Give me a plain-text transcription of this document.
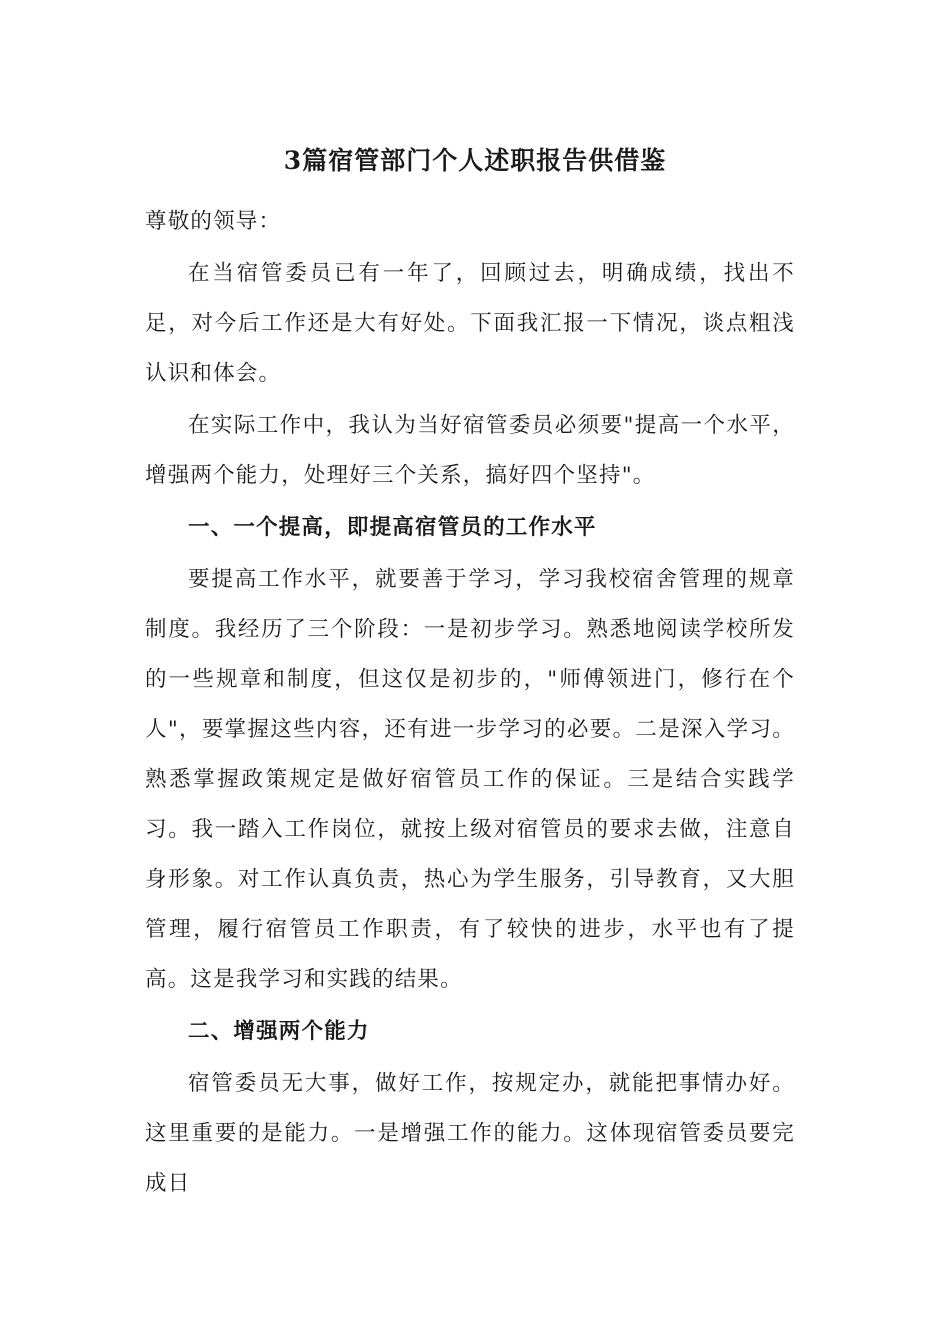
3篇宿管部门个人述职报告供借鉴

尊敬的领导：

在当宿管委员已有一年了，回顾过去，明确成绩，找出不足，对今后工作还是大有好处。下面我汇报一下情况，谈点粗浅认识和体会。

在实际工作中，我认为当好宿管委员必须要"提高一个水平，增强两个能力，处理好三个关系，搞好四个坚持"。

一、一个提高，即提高宿管员的工作水平

要提高工作水平，就要善于学习，学习我校宿舍管理的规章制度。我经历了三个阶段：一是初步学习。熟悉地阅读学校所发的一些规章和制度，但这仅是初步的，"师傅领进门，修行在个人"，要掌握这些内容，还有进一步学习的必要。二是深入学习。熟悉掌握政策规定是做好宿管员工作的保证。三是结合实践学习。我一踏入工作岗位，就按上级对宿管员的要求去做，注意自身形象。对工作认真负责，热心为学生服务，引导教育，又大胆管理，履行宿管员工作职责，有了较快的进步，水平也有了提高。这是我学习和实践的结果。

二、增强两个能力

宿管委员无大事，做好工作，按规定办，就能把事情办好。这里重要的是能力。一是增强工作的能力。这体现宿管委员要完成日
